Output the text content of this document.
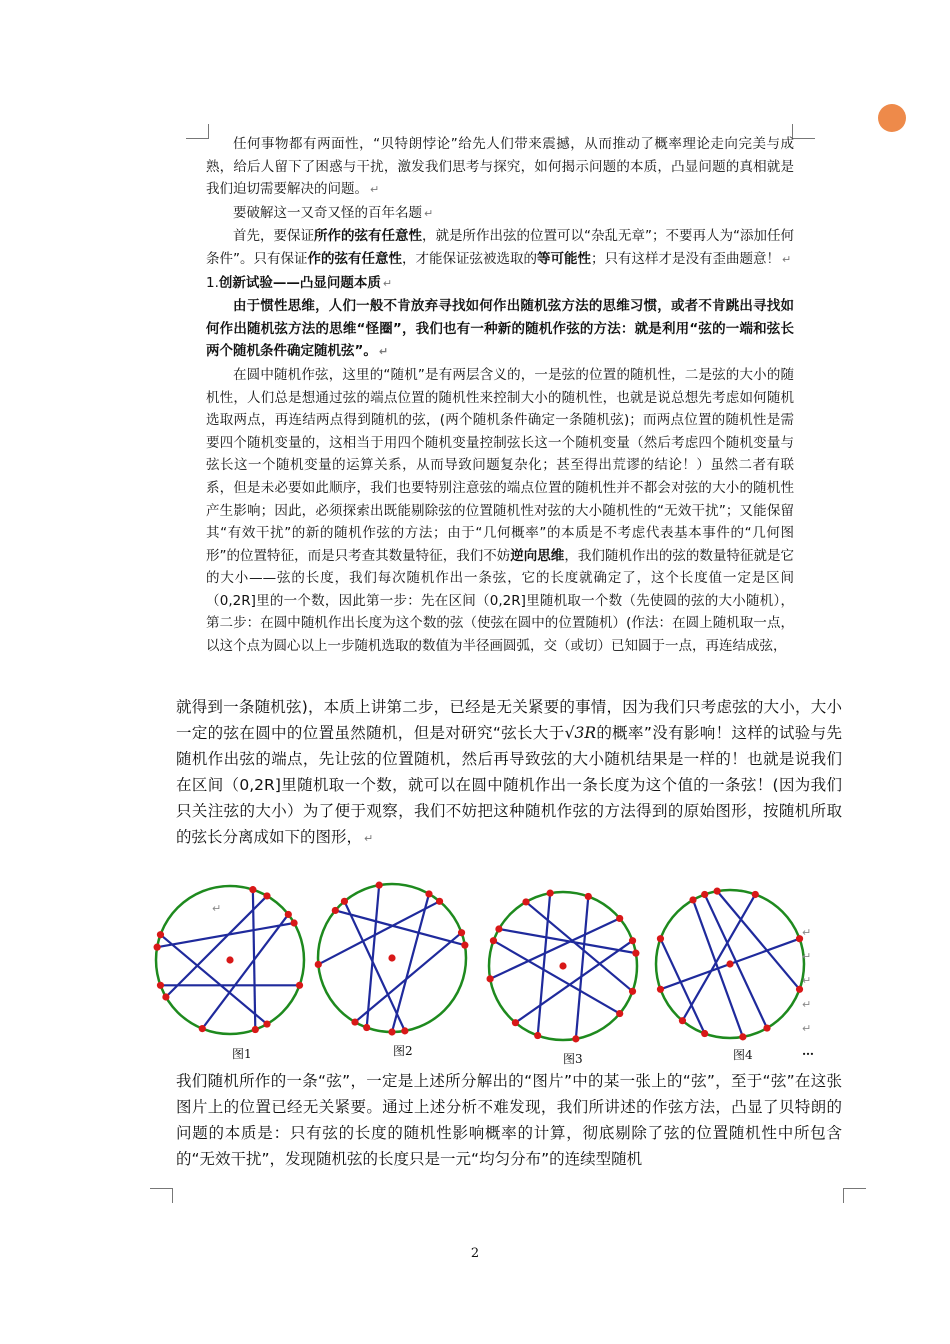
任何事物都有两面性，“贝特朗悖论”给先人们带来震撼，从而推动了概率理论走向完美与成熟，给后人留下了困惑与干扰，激发我们思考与探究，如何揭示问题的本质，凸显问题的真相就是我们迫切需要解决的问题。 ↵

要破解这一又奇又怪的百年名题 ↵

首先，要保证所作的弦有任意性，就是所作出弦的位置可以“杂乱无章”；不要再人为“添加任何条件”。只有保证作的弦有任意性，才能保证弦被选取的等可能性；只有这样才是没有歪曲题意！ ↵

1.创新试验——凸显问题本质 ↵

由于惯性思维，人们一般不肯放弃寻找如何作出随机弦方法的思维习惯，或者不肯跳出寻找如何作出随机弦方法的思维“怪圈”，我们也有一种新的随机作弦的方法：就是利用“弦的一端和弦长两个随机条件确定随机弦”。 ↵

在圆中随机作弦，这里的“随机”是有两层含义的，一是弦的位置的随机性，二是弦的大小的随机性，人们总是想通过弦的端点位置的随机性来控制大小的随机性，也就是说总想先考虑如何随机选取两点，再连结两点得到随机的弦，(两个随机条件确定一条随机弦)；而两点位置的随机性是需要四个随机变量的，这相当于用四个随机变量控制弦长这一个随机变量（然后考虑四个随机变量与弦长这一个随机变量的运算关系，从而导致问题复杂化；甚至得出荒谬的结论！）虽然二者有联系，但是未必要如此顺序，我们也要特别注意弦的端点位置的随机性并不都会对弦的大小的随机性产生影响；因此，必须探索出既能剔除弦的位置随机性对弦的大小随机性的“无效干扰”；又能保留其“有效干扰”的新的随机作弦的方法；由于“几何概率”的本质是不考虑代表基本事件的“几何图形”的位置特征，而是只考查其数量特征，我们不妨逆向思维，我们随机作出的弦的数量特征就是它的大小——弦的长度，我们每次随机作出一条弦，它的长度就确定了，这个长度值一定是区间（0,2R]里的一个数，因此第一步：先在区间（0,2R]里随机取一个数（先使圆的弦的大小随机），第二步：在圆中随机作出长度为这个数的弦（使弦在圆中的位置随机）(作法：在圆上随机取一点，以这个点为圆心以上一步随机选取的数值为半径画圆弧，交（或切）已知圆于一点，再连结成弦，

就得到一条随机弦)，本质上讲第二步，已经是无关紧要的事情，因为我们只考虑弦的大小，大小一定的弦在圆中的位置虽然随机，但是对研究“弦长大于√3R的概率”没有影响！这样的试验与先随机作出弦的端点，先让弦的位置随机，然后再导致弦的大小随机结果是一样的！也就是说我们在区间（0,2R]里随机取一个数，就可以在圆中随机作出一条长度为这个值的一条弦！(因为我们只关注弦的大小）为了便于观察，我们不妨把这种随机作弦的方法得到的原始图形，按随机所取的弦长分离成如下的图形， ↵

图1	图2
图3	图4	…
↵
↵
↵
↵
↵
↵

我们随机所作的一条“弦”，一定是上述所分解出的“图片”中的某一张上的“弦”，至于“弦”在这张图片上的位置已经无关紧要。通过上述分析不难发现，我们所讲述的作弦方法，凸显了贝特朗的问题的本质是：只有弦的长度的随机性影响概率的计算，彻底剔除了弦的位置随机性中所包含的“无效干扰”，发现随机弦的长度只是一元“均匀分布”的连续型随机

2
